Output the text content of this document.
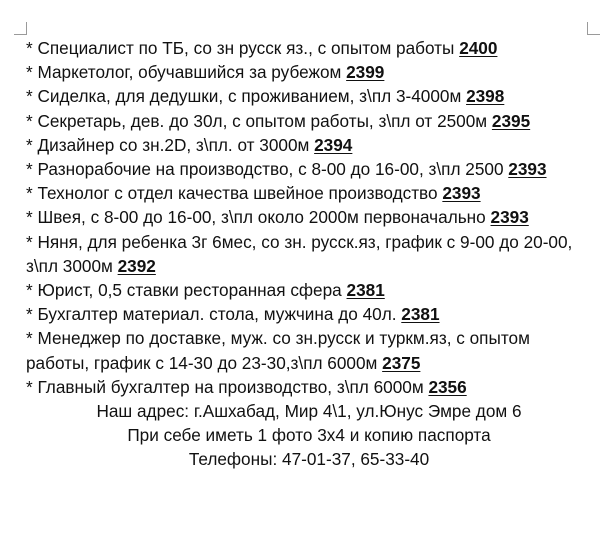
* Специалист по ТБ, со зн русск яз., с опытом работы 2400

* Маркетолог, обучавшийся за рубежом 2399

* Сиделка, для дедушки, с проживанием, з\пл 3-4000м 2398

* Секретарь, дев. до 30л, с опытом работы, з\пл от 2500м 2395

* Дизайнер со зн.2D, з\пл. от 3000м 2394

* Разнорабочие на производство, с 8-00 до 16-00, з\пл 2500 2393

* Технолог с отдел качества швейное производство 2393

* Швея, с 8-00 до 16-00, з\пл около 2000м первоначально 2393

* Няня, для ребенка 3г 6мес, со зн. русск.яз, график с 9-00 до 20-00, з\пл 3000м 2392

* Юрист, 0,5 ставки ресторанная сфера 2381

* Бухгалтер материал. стола, мужчина до 40л. 2381

* Менеджер по доставке, муж. со зн.русск и туркм.яз, с опытом работы, график с 14-30 до 23-30,з\пл 6000м 2375

* Главный бухгалтер на производство, з\пл 6000м 2356

Наш адрес: г.Ашхабад, Мир 4\1, ул.Юнус Эмре дом 6

При себе иметь 1 фото 3х4 и копию паспорта

Телефоны: 47-01-37, 65-33-40
